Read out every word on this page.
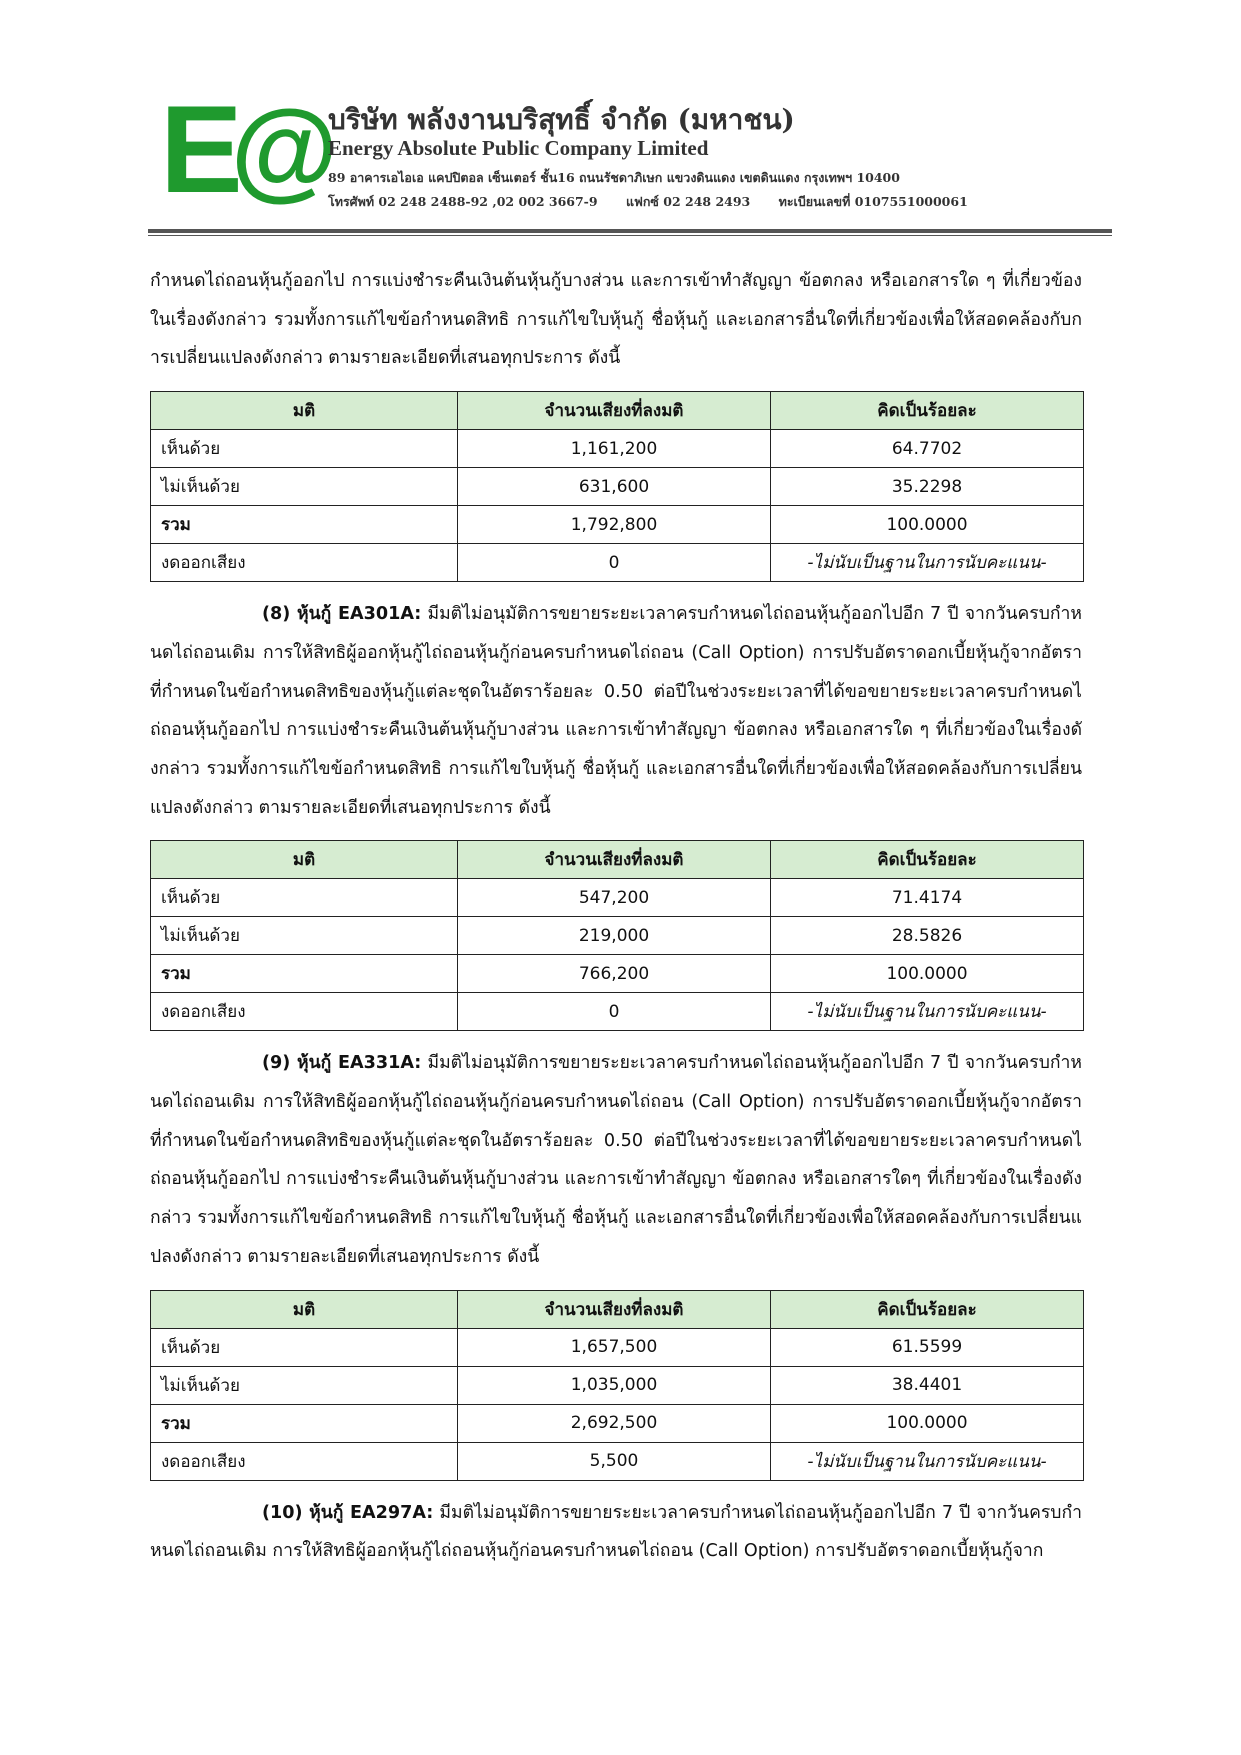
E
@
บริษัท พลังงานบริสุทธิ์ จำกัด (มหาชน)
Energy Absolute Public Company Limited
89 อาคารเอไอเอ แคปปิตอล เซ็นเตอร์ ชั้น16 ถนนรัชดาภิเษก แขวงดินแดง เขตดินแดง กรุงเทพฯ 10400
โทรศัพท์ 02 248 2488-92 ,02 002 3667-9 แฟกซ์ 02 248 2493 ทะเบียนเลขที่ 0107551000061

กำหนดไถ่ถอนหุ้นกู้ออกไป การแบ่งชำระคืนเงินต้นหุ้นกู้บางส่วน และการเข้าทำสัญญา ข้อตกลง หรือเอกสารใด ๆ ที่เกี่ยวข้องในเรื่องดังกล่าว รวมทั้งการแก้ไขข้อกำหนดสิทธิ การแก้ไขใบหุ้นกู้ ชื่อหุ้นกู้ และเอกสารอื่นใดที่เกี่ยวข้องเพื่อให้สอดคล้องกับการเปลี่ยนแปลงดังกล่าว ตามรายละเอียดที่เสนอทุกประการ ดังนี้

มติ	จำนวนเสียงที่ลงมติ	คิดเป็นร้อยละ
เห็นด้วย	1,161,200	64.7702
ไม่เห็นด้วย	631,600	35.2298
รวม	1,792,800	100.0000
งดออกเสียง	0	-ไม่นับเป็นฐานในการนับคะแนน-

(8) หุ้นกู้ EA301A: มีมติไม่อนุมัติการขยายระยะเวลาครบกำหนดไถ่ถอนหุ้นกู้ออกไปอีก 7 ปี จากวันครบกำหนดไถ่ถอนเดิม การให้สิทธิผู้ออกหุ้นกู้ไถ่ถอนหุ้นกู้ก่อนครบกำหนดไถ่ถอน (Call Option) การปรับอัตราดอกเบี้ยหุ้นกู้จากอัตราที่กำหนดในข้อกำหนดสิทธิของหุ้นกู้แต่ละชุดในอัตราร้อยละ 0.50 ต่อปีในช่วงระยะเวลาที่ได้ขอขยายระยะเวลาครบกำหนดไถ่ถอนหุ้นกู้ออกไป การแบ่งชำระคืนเงินต้นหุ้นกู้บางส่วน และการเข้าทำสัญญา ข้อตกลง หรือเอกสารใด ๆ ที่เกี่ยวข้องในเรื่องดังกล่าว รวมทั้งการแก้ไขข้อกำหนดสิทธิ การแก้ไขใบหุ้นกู้ ชื่อหุ้นกู้ และเอกสารอื่นใดที่เกี่ยวข้องเพื่อให้สอดคล้องกับการเปลี่ยนแปลงดังกล่าว ตามรายละเอียดที่เสนอทุกประการ ดังนี้

มติ	จำนวนเสียงที่ลงมติ	คิดเป็นร้อยละ
เห็นด้วย	547,200	71.4174
ไม่เห็นด้วย	219,000	28.5826
รวม	766,200	100.0000
งดออกเสียง	0	-ไม่นับเป็นฐานในการนับคะแนน-

(9) หุ้นกู้ EA331A: มีมติไม่อนุมัติการขยายระยะเวลาครบกำหนดไถ่ถอนหุ้นกู้ออกไปอีก 7 ปี จากวันครบกำหนดไถ่ถอนเดิม การให้สิทธิผู้ออกหุ้นกู้ไถ่ถอนหุ้นกู้ก่อนครบกำหนดไถ่ถอน (Call Option) การปรับอัตราดอกเบี้ยหุ้นกู้จากอัตราที่กำหนดในข้อกำหนดสิทธิของหุ้นกู้แต่ละชุดในอัตราร้อยละ 0.50 ต่อปีในช่วงระยะเวลาที่ได้ขอขยายระยะเวลาครบกำหนดไถ่ถอนหุ้นกู้ออกไป การแบ่งชำระคืนเงินต้นหุ้นกู้บางส่วน และการเข้าทำสัญญา ข้อตกลง หรือเอกสารใดๆ ที่เกี่ยวข้องในเรื่องดังกล่าว รวมทั้งการแก้ไขข้อกำหนดสิทธิ การแก้ไขใบหุ้นกู้ ชื่อหุ้นกู้ และเอกสารอื่นใดที่เกี่ยวข้องเพื่อให้สอดคล้องกับการเปลี่ยนแปลงดังกล่าว ตามรายละเอียดที่เสนอทุกประการ ดังนี้

มติ	จำนวนเสียงที่ลงมติ	คิดเป็นร้อยละ
เห็นด้วย	1,657,500	61.5599
ไม่เห็นด้วย	1,035,000	38.4401
รวม	2,692,500	100.0000
งดออกเสียง	5,500	-ไม่นับเป็นฐานในการนับคะแนน-

(10) หุ้นกู้ EA297A: มีมติไม่อนุมัติการขยายระยะเวลาครบกำหนดไถ่ถอนหุ้นกู้ออกไปอีก 7 ปี จากวันครบกำหนดไถ่ถอนเดิม การให้สิทธิผู้ออกหุ้นกู้ไถ่ถอนหุ้นกู้ก่อนครบกำหนดไถ่ถอน (Call Option) การปรับอัตราดอกเบี้ยหุ้นกู้จาก
